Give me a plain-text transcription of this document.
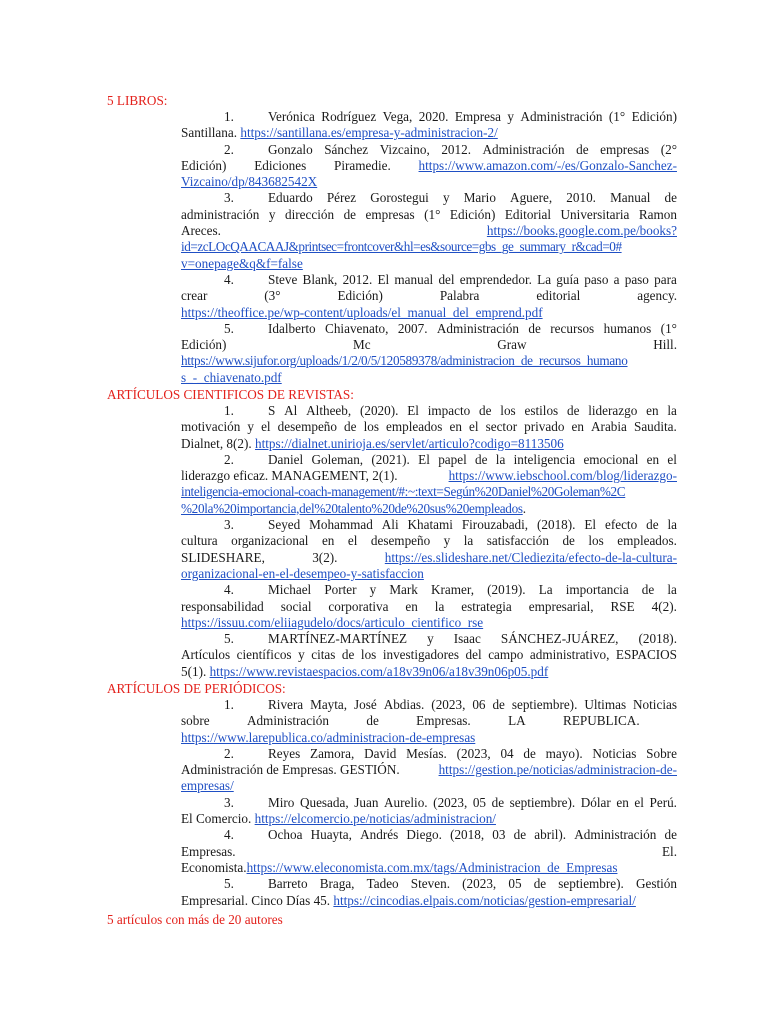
5 LIBROS:
1.	Verónica Rodríguez Vega, 2020. Empresa y Administración (1° Edición)
Santillana. https://santillana.es/empresa-y-administracion-2/
2.	Gonzalo Sánchez Vizcaino, 2012. Administración de empresas (2°
Edición) Ediciones Piramedie. https://www.amazon.com/-/es/Gonzalo-Sanchez-
Vizcaino/dp/843682542X
3.	Eduardo Pérez Gorostegui y Mario Aguere, 2010. Manual de
administración y dirección de empresas (1° Edición) Editorial Universitaria Ramon
Areces.	https://books.google.com.pe/books?
id=zcLOcQAACAAJ&printsec=frontcover&hl=es&source=gbs_ge_summary_r&cad=0#
v=onepage&q&f=false
4.	Steve Blank, 2012. El manual del emprendedor. La guía paso a paso para
crear	(3°	Edición)	Palabra	editorial	agency.
https://theoffice.pe/wp-content/uploads/el_manual_del_emprend.pdf
5.	Idalberto Chiavenato, 2007. Administración de recursos humanos (1°
Edición)	Mc	Graw	Hill.
https://www.sijufor.org/uploads/1/2/0/5/120589378/administracion_de_recursos_humano
s_-_chiavenato.pdf
ARTÍCULOS CIENTIFICOS DE REVISTAS:
1.	S Al Altheeb, (2020). El impacto de los estilos de liderazgo en la
motivación y el desempeño de los empleados en el sector privado en Arabia Saudita.
Dialnet, 8(2). https://dialnet.unirioja.es/servlet/articulo?codigo=8113506
2.	Daniel Goleman, (2021). El papel de la inteligencia emocional en el
liderazgo eficaz. MANAGEMENT, 2(1).	https://www.iebschool.com/blog/liderazgo-
inteligencia-emocional-coach-management/#:~:text=Según%20Daniel%20Goleman%2C
%20la%20importancia,del%20talento%20de%20sus%20empleados.
3.	Seyed Mohammad Ali Khatami Firouzabadi, (2018). El efecto de la
cultura organizacional en el desempeño y la satisfacción de los empleados.
SLIDESHARE,	3(2).	https://es.slideshare.net/Clediezita/efecto-de-la-cultura-
organizacional-en-el-desempeo-y-satisfaccion
4.	Michael Porter y Mark Kramer, (2019). La importancia de la
responsabilidad social corporativa en la estrategia empresarial, RSE 4(2).
https://issuu.com/eliiagudelo/docs/articulo_cientifico_rse
5.	MARTÍNEZ-MARTÍNEZ y Isaac SÁNCHEZ-JUÁREZ, (2018).
Artículos científicos y citas de los investigadores del campo administrativo, ESPACIOS
5(1). https://www.revistaespacios.com/a18v39n06/a18v39n06p05.pdf
ARTÍCULOS DE PERIÓDICOS:
1.	Rivera Mayta, José Abdias. (2023, 06 de septiembre). Ultimas Noticias
sobre	Administración	de	Empresas.	LA	REPUBLICA.
https://www.larepublica.co/administracion-de-empresas
2.	Reyes Zamora, David Mesías. (2023, 04 de mayo). Noticias Sobre
Administración de Empresas. GESTIÓN.	https://gestion.pe/noticias/administracion-de-
empresas/
3.	Miro Quesada, Juan Aurelio. (2023, 05 de septiembre). Dólar en el Perú.
El Comercio. https://elcomercio.pe/noticias/administracion/
4.	Ochoa Huayta, Andrés Diego. (2018, 03 de abril). Administración de
Empresas.	El.
Economista.https://www.eleconomista.com.mx/tags/Administracion_de_Empresas
5.	Barreto Braga, Tadeo Steven. (2023, 05 de septiembre). Gestión
Empresarial. Cinco Días 45. https://cincodias.elpais.com/noticias/gestion-empresarial/
5 artículos con más de 20 autores
